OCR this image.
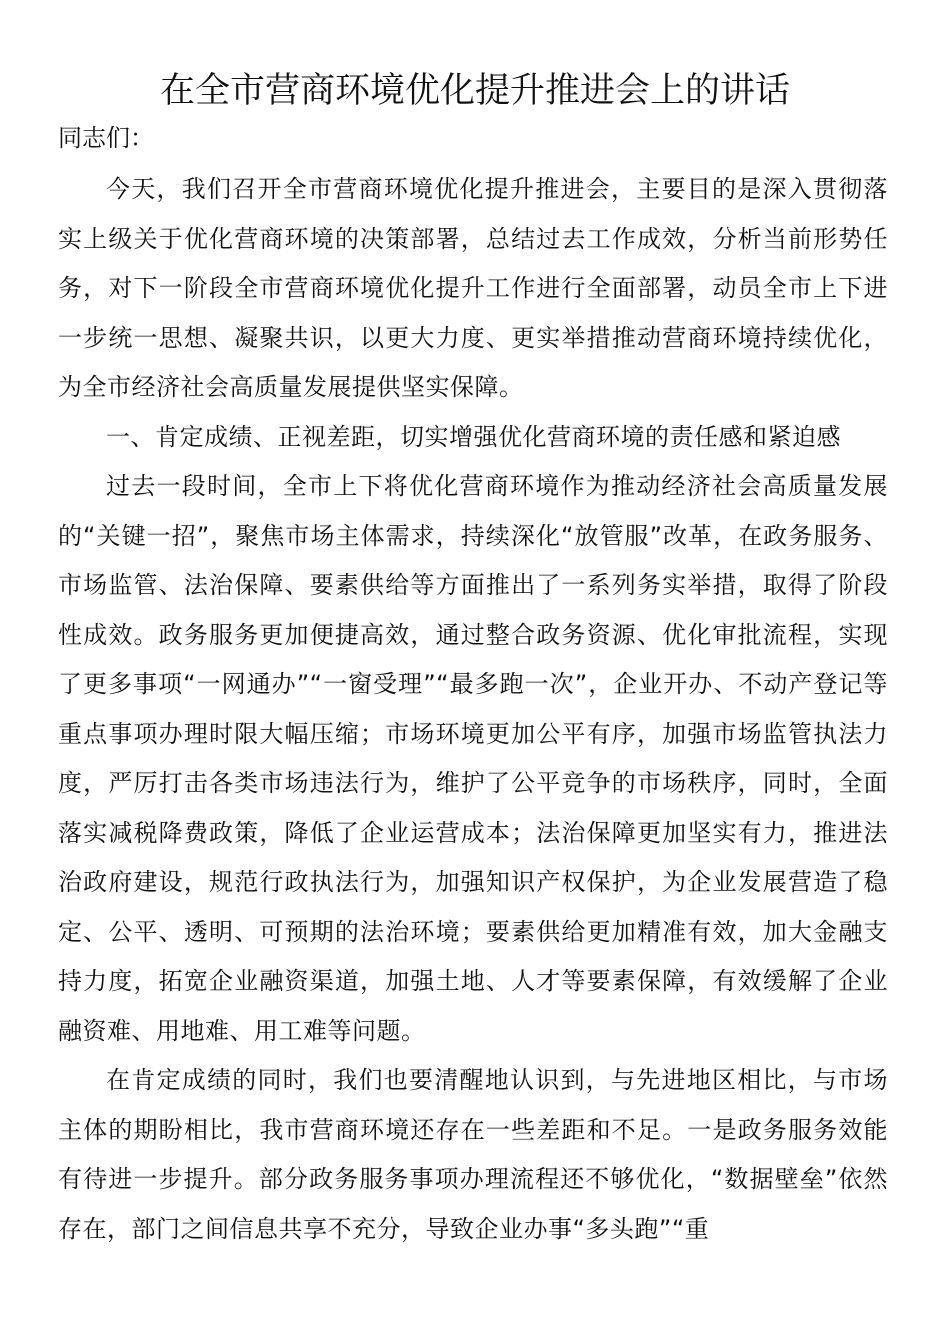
在全市营商环境优化提升推进会上的讲话

同志们：

今天，我们召开全市营商环境优化提升推进会，主要目的是深入贯彻落实上级关于优化营商环境的决策部署，总结过去工作成效，分析当前形势任务，对下一阶段全市营商环境优化提升工作进行全面部署，动员全市上下进一步统一思想、凝聚共识，以更大力度、更实举措推动营商环境持续优化，为全市经济社会高质量发展提供坚实保障。

一、肯定成绩、正视差距，切实增强优化营商环境的责任感和紧迫感

过去一段时间，全市上下将优化营商环境作为推动经济社会高质量发展的“关键一招”，聚焦市场主体需求，持续深化“放管服”改革，在政务服务、市场监管、法治保障、要素供给等方面推出了一系列务实举措，取得了阶段性成效。政务服务更加便捷高效，通过整合政务资源、优化审批流程，实现了更多事项“一网通办”“一窗受理”“最多跑一次”，企业开办、不动产登记等重点事项办理时限大幅压缩；市场环境更加公平有序，加强市场监管执法力度，严厉打击各类市场违法行为，维护了公平竞争的市场秩序，同时，全面落实减税降费政策，降低了企业运营成本；法治保障更加坚实有力，推进法治政府建设，规范行政执法行为，加强知识产权保护，为企业发展营造了稳定、公平、透明、可预期的法治环境；要素供给更加精准有效，加大金融支持力度，拓宽企业融资渠道，加强土地、人才等要素保障，有效缓解了企业融资难、用地难、用工难等问题。

在肯定成绩的同时，我们也要清醒地认识到，与先进地区相比，与市场主体的期盼相比，我市营商环境还存在一些差距和不足。一是政务服务效能有待进一步提升。部分政务服务事项办理流程还不够优化，“数据壁垒”依然存在，部门之间信息共享不充分，导致企业办事“多头跑”“重
